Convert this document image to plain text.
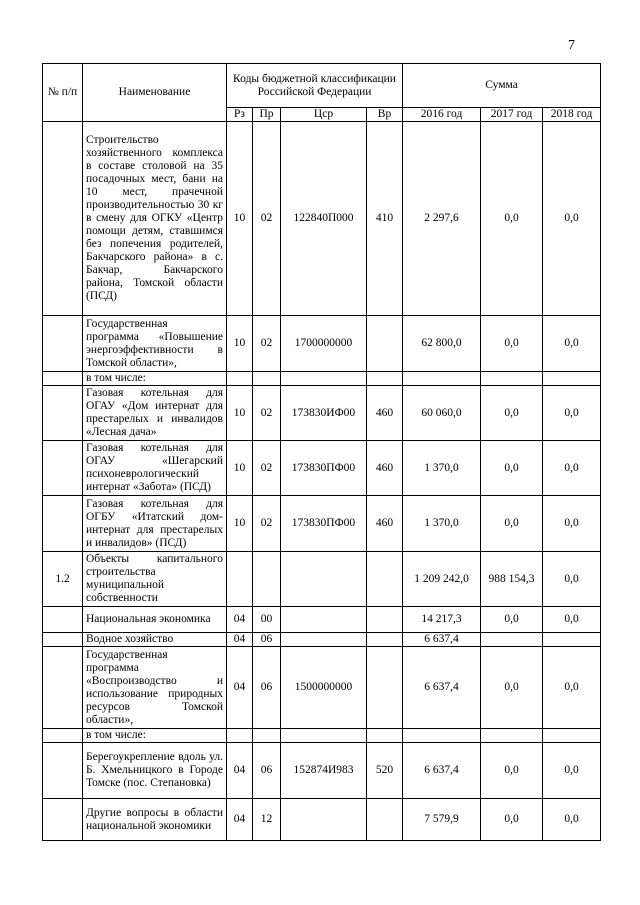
7
№ п/п	Наименование	Коды бюджетной классификации Российской Федерации				Сумма		
		Рз	Пр	Цср	Вр	2016 год	2017 год	2018 год
	Строительство хозяйственного комплекса в составе столовой на 35 посадочных мест, бани на 10 мест, прачечной производительностью 30 кг в смену для ОГКУ «Центр помощи детям, ставшимся без попечения родителей, Бакчарского района» в с. Бакчар, Бакчарского района, Томской области (ПСД)	10	02	122840П000	410	2 297,6	0,0	0,0
	Государственная программа «Повышение энергоэффективности в Томской области»,	10	02	1700000000		62 800,0	0,0	0,0
	в том числе:							
	Газовая котельная для ОГАУ «Дом интернат для престарелых и инвалидов «Лесная дача»	10	02	173830ИФ00	460	60 060,0	0,0	0,0
	Газовая котельная для ОГАУ «Шегарский психоневрологический интернат «Забота» (ПСД)	10	02	173830ПФ00	460	1 370,0	0,0	0,0
	Газовая котельная для ОГБУ «Итатский дом-интернат для престарелых и инвалидов» (ПСД)	10	02	173830ПФ00	460	1 370,0	0,0	0,0
1.2	Объекты капитального строительства муниципальной собственности					1 209 242,0	988 154,3	0,0
	Национальная экономика	04	00			14 217,3	0,0	0,0
	Водное хозяйство	04	06			6 637,4		
	Государственная программа «Воспроизводство и использование природных ресурсов Томской области»,	04	06	1500000000		6 637,4	0,0	0,0
	в том числе:							
	Берегоукрепление вдоль ул. Б. Хмельницкого в Городе Томске (пос. Степановка)	04	06	152874И983	520	6 637,4	0,0	0,0
	Другие вопросы в области национальной экономики	04	12			7 579,9	0,0	0,0
